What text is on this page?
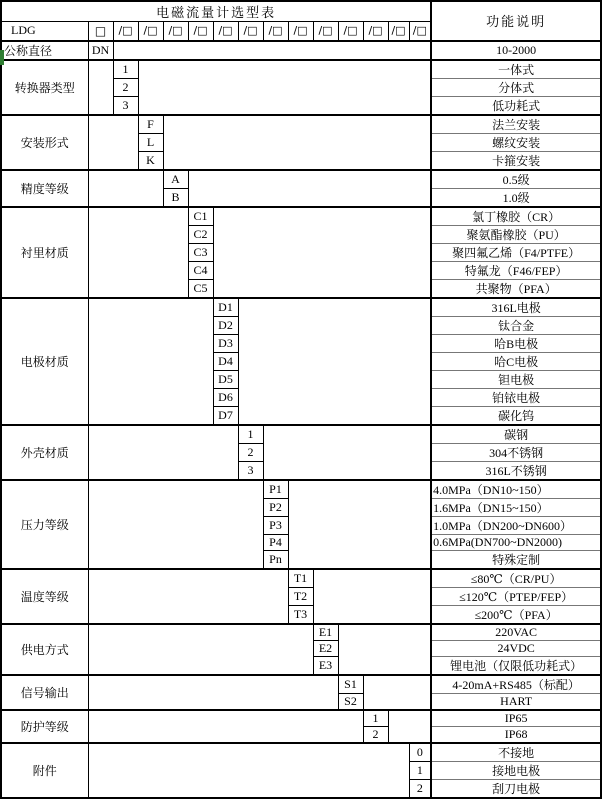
电磁流量计选型表															功能说明
LDG	□	/□	/□	/□	/□	/□	/□	/□	/□	/□	/□	/□	/□	/□	
公称直径	DN														10-2000
转换器类型		1													一体式
		2													分体式
		3													低功耗式
安装形式			F												法兰安装
			L												螺纹安装
			K												卡箍安装
精度等级				A											0.5级
				B											1.0级
衬里材质					C1										氯丁橡胶（CR）
					C2										聚氨酯橡胶（PU）
					C3										聚四氟乙烯（F4/PTFE）
					C4										特氟龙（F46/FEP）
					C5										共聚物（PFA）
电极材质						D1									316L电极
						D2									钛合金
						D3									哈B电极
						D4									哈C电极
						D5									钽电极
						D6									铂铱电极
						D7									碳化钨
外壳材质							1								碳钢
							2								304不锈钢
							3								316L不锈钢
压力等级								P1							4.0MPa（DN10~150）
								P2							1.6MPa（DN15~150）
								P3							1.0MPa（DN200~DN600）
								P4							0.6MPa(DN700~DN2000)
								Pn							特殊定制
温度等级									T1						≤80℃（CR/PU）
									T2						≤120℃（PTEP/FEP）
									T3						≤200℃（PFA）
供电方式										E1					220VAC
										E2					24VDC
										E3					锂电池（仅限低功耗式）
信号输出											S1				4-20mA+RS485（标配）
											S2				HART
防护等级												1			IP65
												2			IP68
附件														0	不接地
														1	接地电极
														2	刮刀电极
